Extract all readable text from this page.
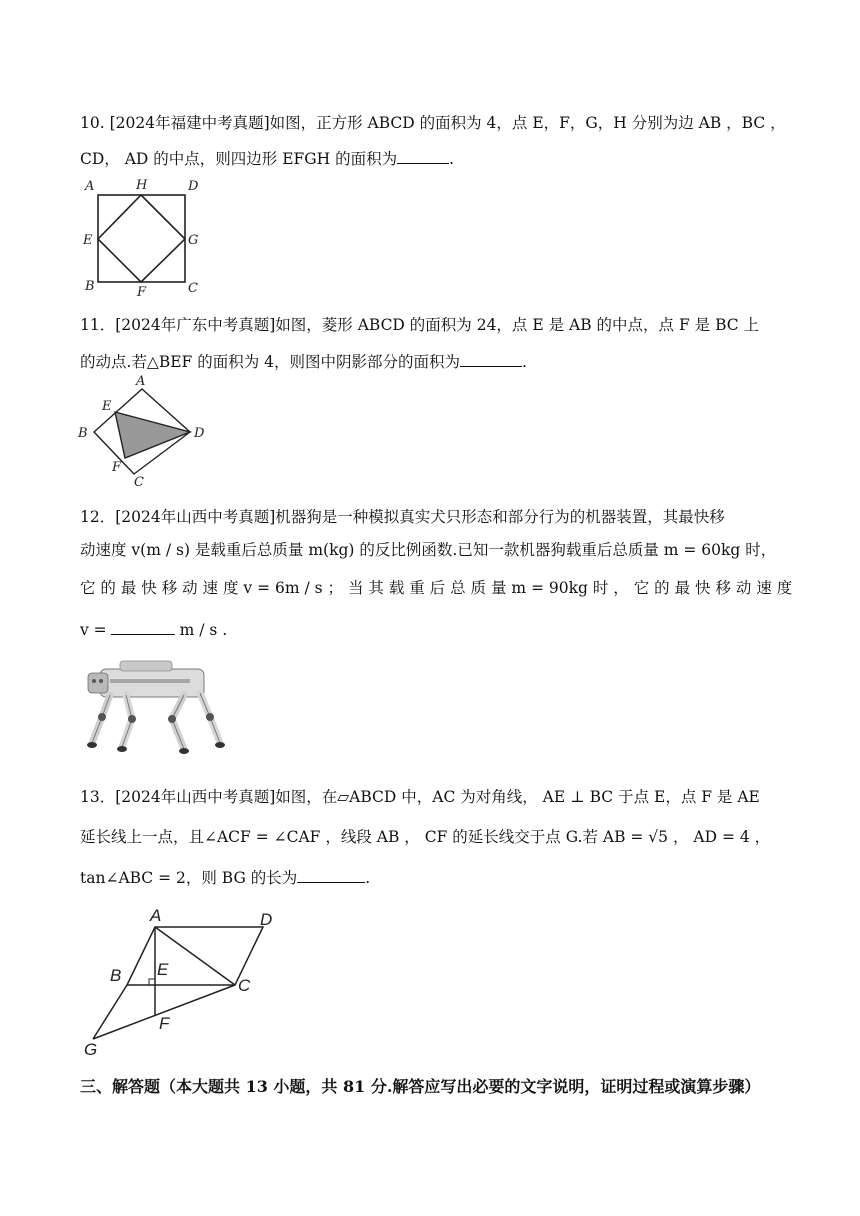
10. [2024年福建中考真题]如图，正方形 ABCD 的面积为 4，点 E，F，G，H 分别为边 AB ，BC ，
CD， AD 的中点，则四边形 EFGH 的面积为	.
A	H	D
E	G
B	F	C
11．[2024年广东中考真题]如图，菱形 ABCD 的面积为 24，点 E 是 AB 的中点，点 F 是 BC 上
的动点.若△BEF 的面积为 4，则图中阴影部分的面积为	.
A
E
B	D
F
C
12．[2024年山西中考真题]机器狗是一种模拟真实犬只形态和部分行为的机器装置，其最快移
动速度 v(m / s) 是载重后总质量 m(kg) 的反比例函数.已知一款机器狗载重后总质量 m = 60kg 时，
它 的 最 快 移 动 速 度 v = 6m / s ； 当 其 载 重 后 总 质 量 m = 90kg 时 ， 它 的 最 快 移 动 速 度
v =	m / s .
13．[2024年山西中考真题]如图，在▱ABCD 中，AC 为对角线， AE ⊥ BC 于点 E，点 F 是 AE
延长线上一点，且∠ACF = ∠CAF ，线段 AB ， CF 的延长线交于点 G.若 AB = √5 ， AD = 4 ，
tan∠ABC = 2，则 BG 的长为	.
A	D
B E
C
F
G
三、解答题（本大题共 13 小题，共 81 分.解答应写出必要的文字说明，证明过程或演算步骤）
